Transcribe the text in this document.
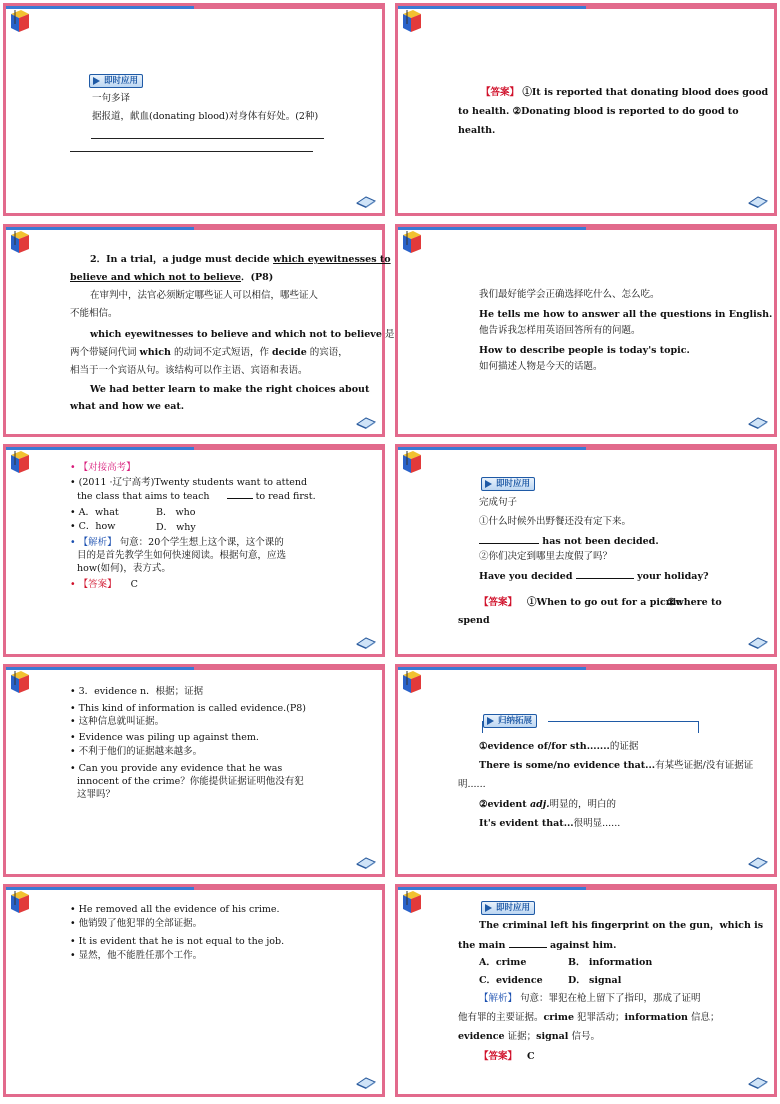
即时应用
一句多译
据报道，献血(donating blood)对身体有好处。(2种)
【答案】 ①It is reported that donating blood does good
to health. ②Donating blood is reported to do good to
health.
2．In a trial，a judge must decide which eyewitnesses to
believe and which not to believe．(P8)
在审判中，法官必须断定哪些证人可以相信，哪些证人
不能相信。
which eyewitnesses to believe and which not to believe 是
两个带疑问代词 which 的动词不定式短语，作 decide 的宾语，
相当于一个宾语从句。该结构可以作主语、宾语和表语。
We had better learn to make the right choices about
what and how we eat.
我们最好能学会正确选择吃什么、怎么吃。
He tells me how to answer all the questions in English.
他告诉我怎样用英语回答所有的问题。
How to describe people is today's topic.
如何描述人物是今天的话题。
• 【对接高考】
• (2011 ·辽宁高考)Twenty students want to attend
the class that aims to teach	to read first.
• A．what	B． who
• C．how	D． why
• 【解析】 句意：20个学生想上这个课，这个课的
目的是首先教学生如何快速阅读。根据句意，应选
how(如何)，表方式。
• 【答案】 C
即时应用
完成句子
①什么时候外出野餐还没有定下来。
has not been decided.
②你们决定到哪里去度假了吗？
Have you decided	your holiday?
【答案】 ①When to go out for a picnic
②where to
spend
• 3．evidence n．根据；证据
• This kind of information is called evidence.(P8)
• 这种信息就叫证据。
• Evidence was piling up against them.
• 不利于他们的证据越来越多。
• Can you provide any evidence that he was
innocent of the crime？你能提供证据证明他没有犯
这罪吗？
归纳拓展
①evidence of/for sth.......的证据
There is some/no evidence that...有某些证据/没有证据证
明......
②evident adj.明显的，明白的
It's evident that...很明显......
• He removed all the evidence of his crime.
• 他销毁了他犯罪的全部证据。
• It is evident that he is not equal to the job.
• 显然，他不能胜任那个工作。
即时应用
The criminal left his fingerprint on the gun，which is
the main	against him.
A．crime	B． information
C．evidence	D． signal
【解析】 句意：罪犯在枪上留下了指印，那成了证明
他有罪的主要证据。crime 犯罪活动；information 信息；
evidence 证据；signal 信号。
【答案】 C
